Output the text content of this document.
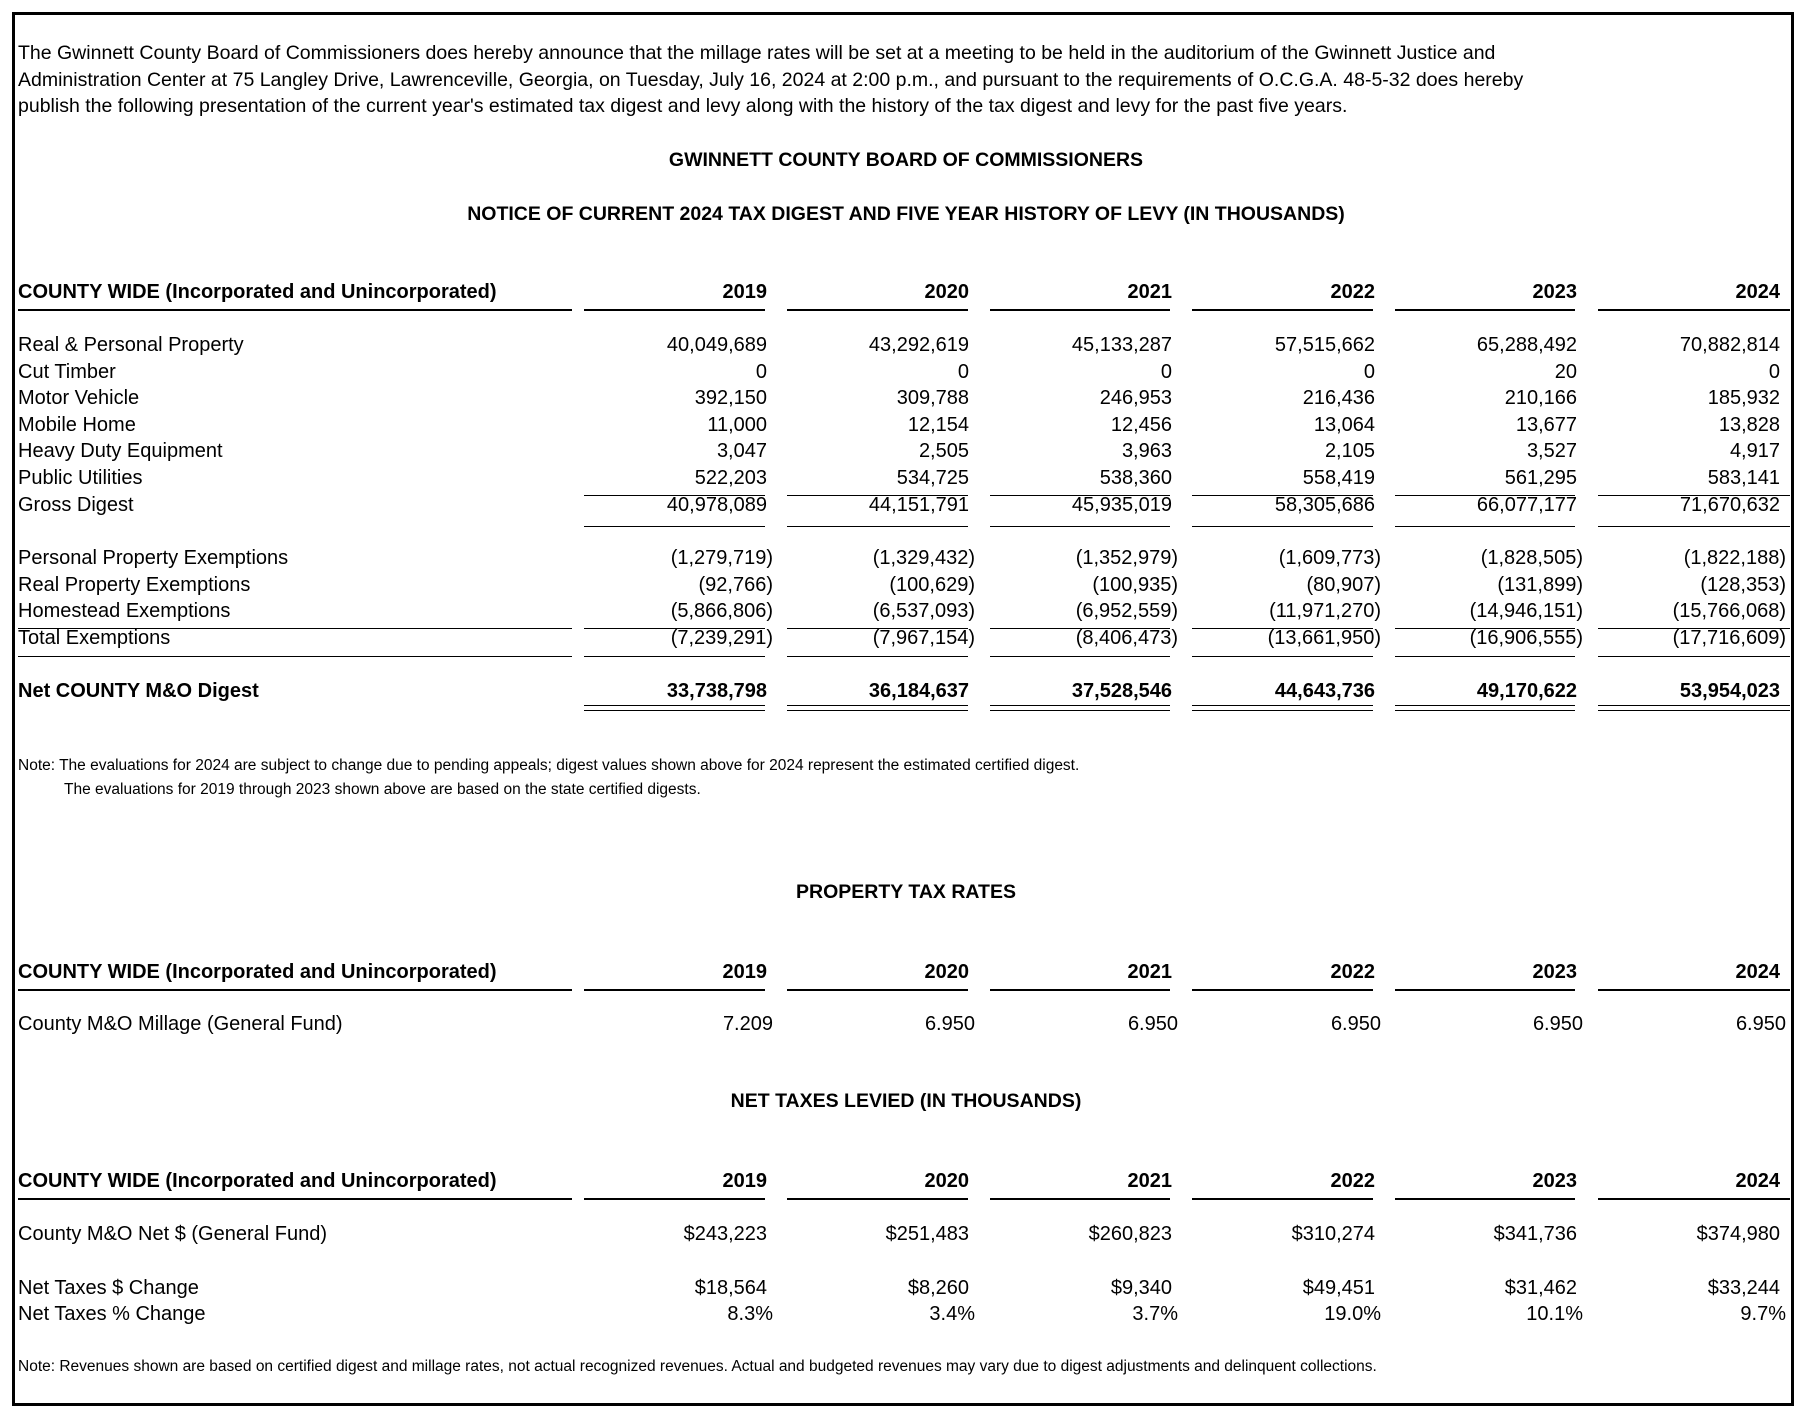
The Gwinnett County Board of Commissioners does hereby announce that the millage rates will be set at a meeting to be held in the auditorium of the Gwinnett Justice and

Administration Center at 75 Langley Drive, Lawrenceville, Georgia, on Tuesday, July 16, 2024 at 2:00 p.m., and pursuant to the requirements of O.C.G.A. 48-5-32 does hereby

publish the following presentation of the current year's estimated tax digest and levy along with the history of the tax digest and levy for the past five years.

GWINNETT COUNTY BOARD OF COMMISSIONERS
NOTICE OF CURRENT 2024 TAX DIGEST AND FIVE YEAR HISTORY OF LEVY (IN THOUSANDS)
COUNTY WIDE (Incorporated and Unincorporated)	2019	2020	2021	2022	2023	2024
Real & Personal Property	40,049,689	43,292,619	45,133,287	57,515,662	65,288,492	70,882,814
Cut Timber	0	0	0	0	20	0
Motor Vehicle	392,150	309,788	246,953	216,436	210,166	185,932
Mobile Home	11,000	12,154	12,456	13,064	13,677	13,828
Heavy Duty Equipment	3,047	2,505	3,963	2,105	3,527	4,917
Public Utilities	522,203	534,725	538,360	558,419	561,295	583,141
Gross Digest	40,978,089	44,151,791	45,935,019	58,305,686	66,077,177	71,670,632
Personal Property Exemptions	(1,279,719)	(1,329,432)	(1,352,979)	(1,609,773)	(1,828,505)	(1,822,188)
Real Property Exemptions	(92,766)	(100,629)	(100,935)	(80,907)	(131,899)	(128,353)
Homestead Exemptions	(5,866,806)	(6,537,093)	(6,952,559)	(11,971,270)	(14,946,151)	(15,766,068)
Total Exemptions	(7,239,291)	(7,967,154)	(8,406,473)	(13,661,950)	(16,906,555)	(17,716,609)
Net COUNTY M&O Digest	33,738,798	36,184,637	37,528,546	44,643,736	49,170,622	53,954,023
Note: The evaluations for 2024 are subject to change due to pending appeals; digest values shown above for 2024 represent the estimated certified digest.
The evaluations for 2019 through 2023 shown above are based on the state certified digests.
PROPERTY TAX RATES
COUNTY WIDE (Incorporated and Unincorporated)	2019	2020	2021	2022	2023	2024
County M&O Millage (General Fund)	7.209	6.950	6.950	6.950	6.950	6.950
NET TAXES LEVIED (IN THOUSANDS)
COUNTY WIDE (Incorporated and Unincorporated)	2019	2020	2021	2022	2023	2024
County M&O Net $ (General Fund)	$243,223	$251,483	$260,823	$310,274	$341,736	$374,980
Net Taxes $ Change	$18,564	$8,260	$9,340	$49,451	$31,462	$33,244
Net Taxes % Change	8.3%	3.4%	3.7%	19.0%	10.1%	9.7%
Note: Revenues shown are based on certified digest and millage rates, not actual recognized revenues. Actual and budgeted revenues may vary due to digest adjustments and delinquent collections.
